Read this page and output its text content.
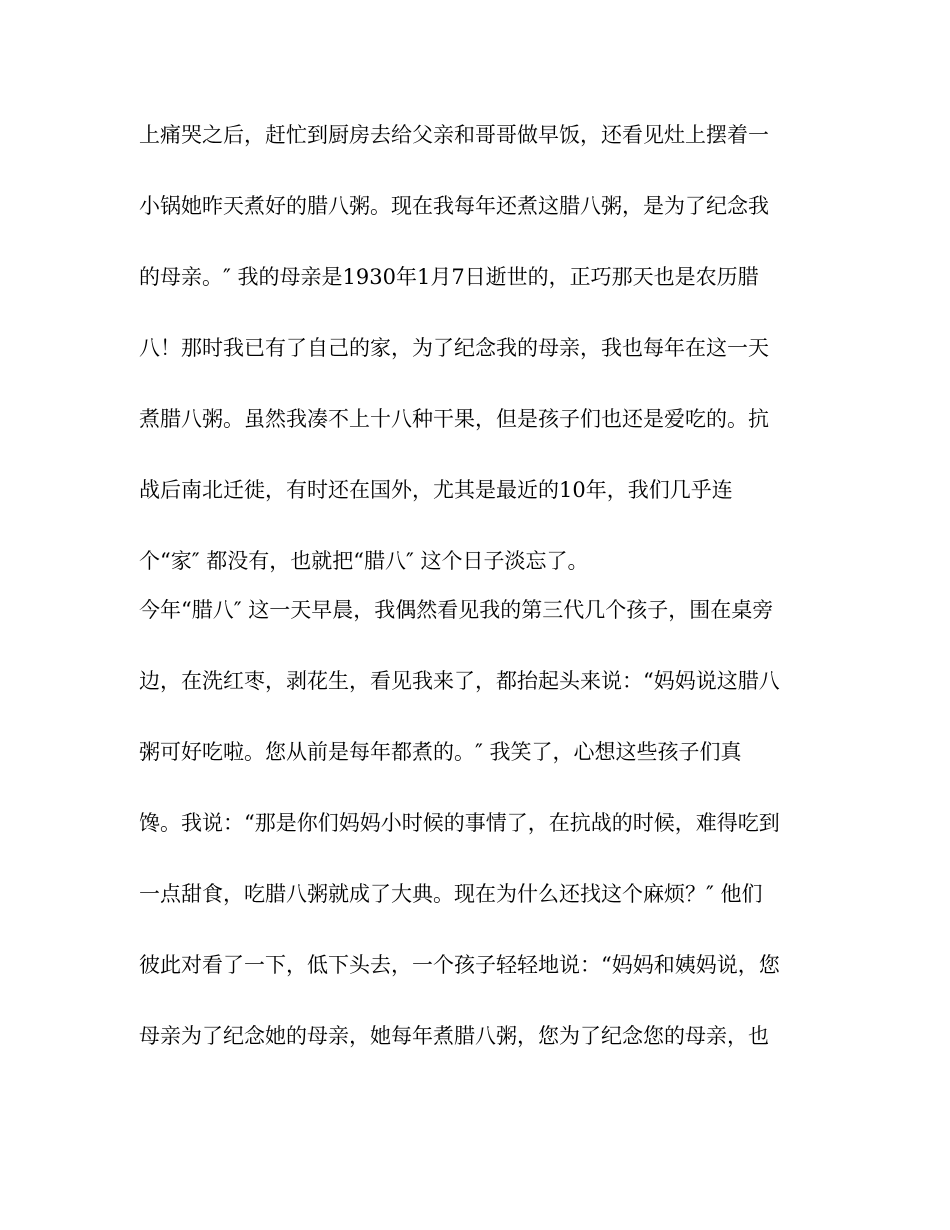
上痛哭之后，赶忙到厨房去给父亲和哥哥做早饭，还看见灶上摆着一

小锅她昨天煮好的腊八粥。现在我每年还煮这腊八粥，是为了纪念我

的母亲。″ 我的母亲是1930年1月7日逝世的，正巧那天也是农历腊

八！那时我已有了自己的家，为了纪念我的母亲，我也每年在这一天

煮腊八粥。虽然我凑不上十八种干果，但是孩子们也还是爱吃的。抗

战后南北迁徙，有时还在国外，尤其是最近的10年，我们几乎连

个“家″ 都没有，也就把“腊八″ 这个日子淡忘了。

今年“腊八″ 这一天早晨，我偶然看见我的第三代几个孩子，围在桌旁

边，在洗红枣，剥花生，看见我来了，都抬起头来说：“妈妈说这腊八

粥可好吃啦。您从前是每年都煮的。″ 我笑了，心想这些孩子们真

馋。我说：“那是你们妈妈小时候的事情了，在抗战的时候，难得吃到

一点甜食，吃腊八粥就成了大典。现在为什么还找这个麻烦？″ 他们

彼此对看了一下，低下头去，一个孩子轻轻地说：“妈妈和姨妈说，您

母亲为了纪念她的母亲，她每年煮腊八粥，您为了纪念您的母亲，也
